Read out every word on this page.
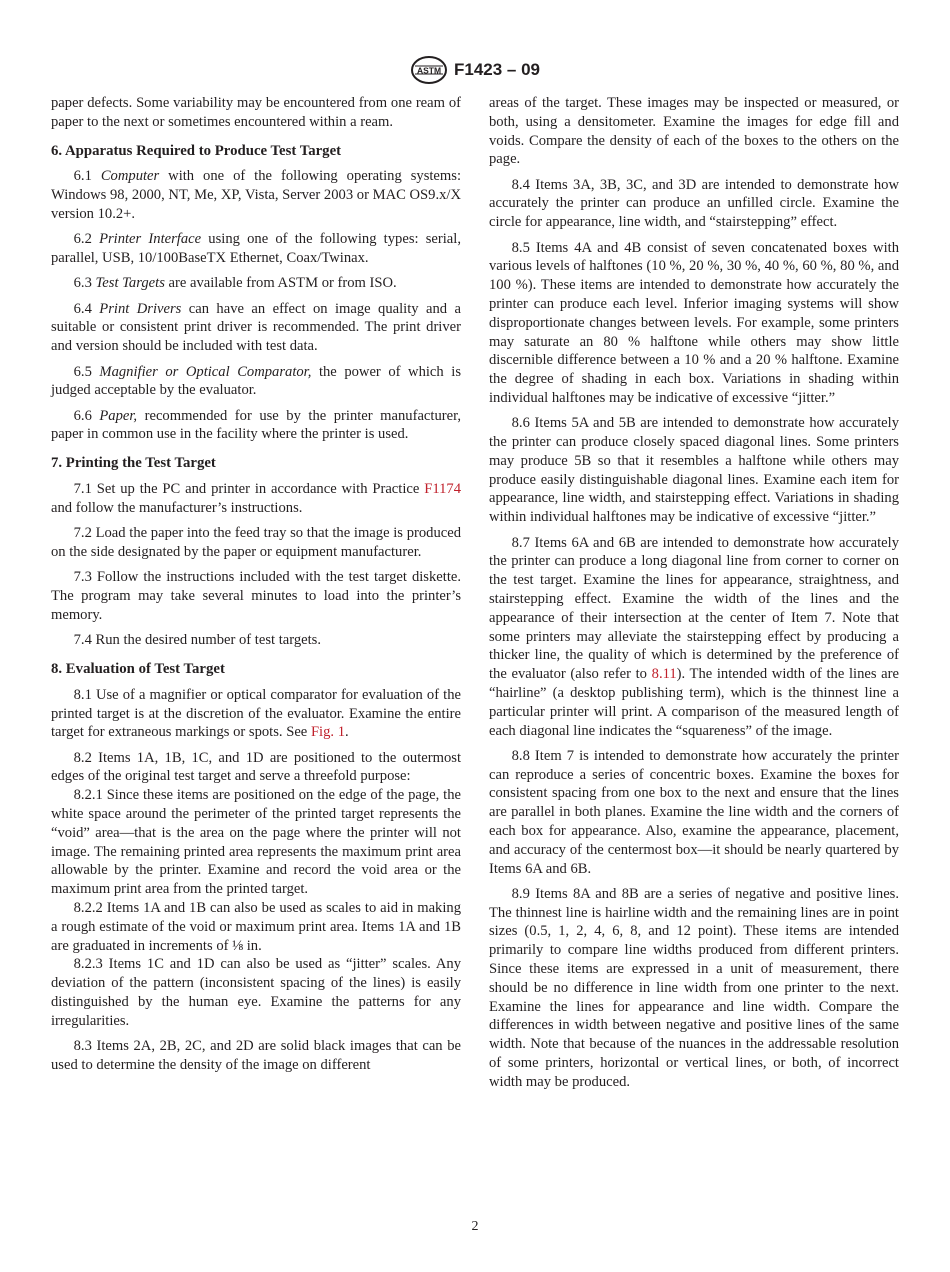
ASTM F1423 – 09

paper defects. Some variability may be encountered from one ream of paper to the next or sometimes encountered within a ream.

6. Apparatus Required to Produce Test Target

6.1 Computer with one of the following operating systems: Windows 98, 2000, NT, Me, XP, Vista, Server 2003 or MAC OS9.x/X version 10.2+.

6.2 Printer Interface using one of the following types: serial, parallel, USB, 10/100BaseTX Ethernet, Coax/Twinax.

6.3 Test Targets are available from ASTM or from ISO.

6.4 Print Drivers can have an effect on image quality and a suitable or consistent print driver is recommended. The print driver and version should be included with test data.

6.5 Magnifier or Optical Comparator, the power of which is judged acceptable by the evaluator.

6.6 Paper, recommended for use by the printer manufacturer, paper in common use in the facility where the printer is used.

7. Printing the Test Target

7.1 Set up the PC and printer in accordance with Practice F1174 and follow the manufacturer’s instructions.

7.2 Load the paper into the feed tray so that the image is produced on the side designated by the paper or equipment manufacturer.

7.3 Follow the instructions included with the test target diskette. The program may take several minutes to load into the printer’s memory.

7.4 Run the desired number of test targets.

8. Evaluation of Test Target

8.1 Use of a magnifier or optical comparator for evaluation of the printed target is at the discretion of the evaluator. Examine the entire target for extraneous markings or spots. See Fig. 1.

8.2 Items 1A, 1B, 1C, and 1D are positioned to the outermost edges of the original test target and serve a threefold purpose:

8.2.1 Since these items are positioned on the edge of the page, the white space around the perimeter of the printed target represents the “void” area—that is the area on the page where the printer will not image. The remaining printed area represents the maximum print area allowable by the printer. Examine and record the void area or the maximum print area from the printed target.

8.2.2 Items 1A and 1B can also be used as scales to aid in making a rough estimate of the void or maximum print area. Items 1A and 1B are graduated in increments of ⅛ in.

8.2.3 Items 1C and 1D can also be used as “jitter” scales. Any deviation of the pattern (inconsistent spacing of the lines) is easily distinguished by the human eye. Examine the patterns for any irregularities.

8.3 Items 2A, 2B, 2C, and 2D are solid black images that can be used to determine the density of the image on different

areas of the target. These images may be inspected or measured, or both, using a densitometer. Examine the images for edge fill and voids. Compare the density of each of the boxes to the others on the page.

8.4 Items 3A, 3B, 3C, and 3D are intended to demonstrate how accurately the printer can produce an unfilled circle. Examine the circle for appearance, line width, and “stairstepping” effect.

8.5 Items 4A and 4B consist of seven concatenated boxes with various levels of halftones (10 %, 20 %, 30 %, 40 %, 60 %, 80 %, and 100 %). These items are intended to demonstrate how accurately the printer can produce each level. Inferior imaging systems will show disproportionate changes between levels. For example, some printers may saturate an 80 % halftone while others may show little discernible difference between a 10 % and a 20 % halftone. Examine the degree of shading in each box. Variations in shading within individual halftones may be indicative of excessive “jitter.”

8.6 Items 5A and 5B are intended to demonstrate how accurately the printer can produce closely spaced diagonal lines. Some printers may produce 5B so that it resembles a halftone while others may produce easily distinguishable diagonal lines. Examine each item for appearance, line width, and stairstepping effect. Variations in shading within individual halftones may be indicative of excessive “jitter.”

8.7 Items 6A and 6B are intended to demonstrate how accurately the printer can produce a long diagonal line from corner to corner on the test target. Examine the lines for appearance, straightness, and stairstepping effect. Examine the width of the lines and the appearance of their intersection at the center of Item 7. Note that some printers may alleviate the stairstepping effect by producing a thicker line, the quality of which is determined by the preference of the evaluator (also refer to 8.11). The intended width of the lines are “hairline” (a desktop publishing term), which is the thinnest line a particular printer will print. A comparison of the measured length of each diagonal line indicates the “squareness” of the image.

8.8 Item 7 is intended to demonstrate how accurately the printer can reproduce a series of concentric boxes. Examine the boxes for consistent spacing from one box to the next and ensure that the lines are parallel in both planes. Examine the line width and the corners of each box for appearance. Also, examine the appearance, placement, and accuracy of the centermost box—it should be nearly quartered by Items 6A and 6B.

8.9 Items 8A and 8B are a series of negative and positive lines. The thinnest line is hairline width and the remaining lines are in point sizes (0.5, 1, 2, 4, 6, 8, and 12 point). These items are intended primarily to compare line widths produced from different printers. Since these items are expressed in a unit of measurement, there should be no difference in line width from one printer to the next. Examine the lines for appearance and line width. Compare the differences in width between negative and positive lines of the same width. Note that because of the nuances in the addressable resolution of some printers, horizontal or vertical lines, or both, of incorrect width may be produced.

2
